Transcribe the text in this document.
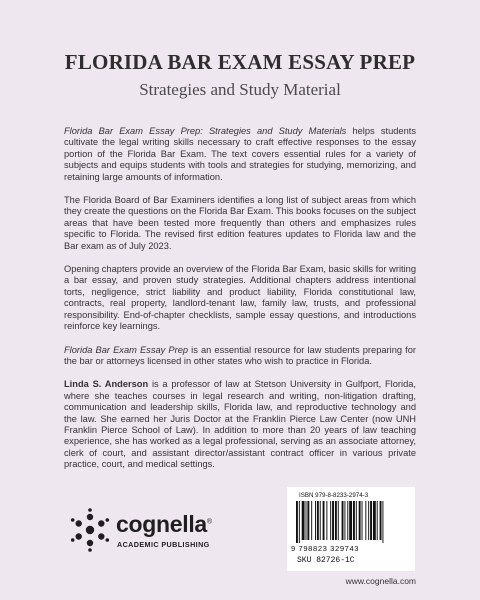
FLORIDA BAR EXAM ESSAY PREP
Strategies and Study Material

Florida Bar Exam Essay Prep: Strategies and Study Materials helps students cultivate the legal writing skills necessary to craft effective responses to the essay portion of the Florida Bar Exam. The text covers essential rules for a variety of subjects and equips students with tools and strategies for studying, memorizing, and retaining large amounts of information.

The Florida Board of Bar Examiners identifies a long list of subject areas from which they create the questions on the Florida Bar Exam. This books focuses on the subject areas that have been tested more frequently than others and emphasizes rules specific to Florida. The revised first edition features updates to Florida law and the Bar exam as of July 2023.

Opening chapters provide an overview of the Florida Bar Exam, basic skills for writing a bar essay, and proven study strategies. Additional chapters address intentional torts, negligence, strict liability and product liability, Florida constitutional law, contracts, real property, landlord-tenant law, family law, trusts, and professional responsibility. End-of-chapter checklists, sample essay questions, and introductions reinforce key learnings.

Florida Bar Exam Essay Prep is an essential resource for law students preparing for the bar or attorneys licensed in other states who wish to practice in Florida.

Linda S. Anderson is a professor of law at Stetson University in Gulfport, Florida, where she teaches courses in legal research and writing, non-litigation drafting, communication and leadership skills, Florida law, and reproductive technology and the law. She earned her Juris Doctor at the Franklin Pierce Law Center (now UNH Franklin Pierce School of Law). In addition to more than 20 years of law teaching experience, she has worked as a legal professional, serving as an associate attorney, clerk of court, and assistant director/assistant contract officer in various private practice, court, and medical settings.

cognella®
ACADEMIC PUBLISHING
ISBN 979-8-8233-2974-3
9 798823 329743
SKU 82726-1C
www.cognella.com
